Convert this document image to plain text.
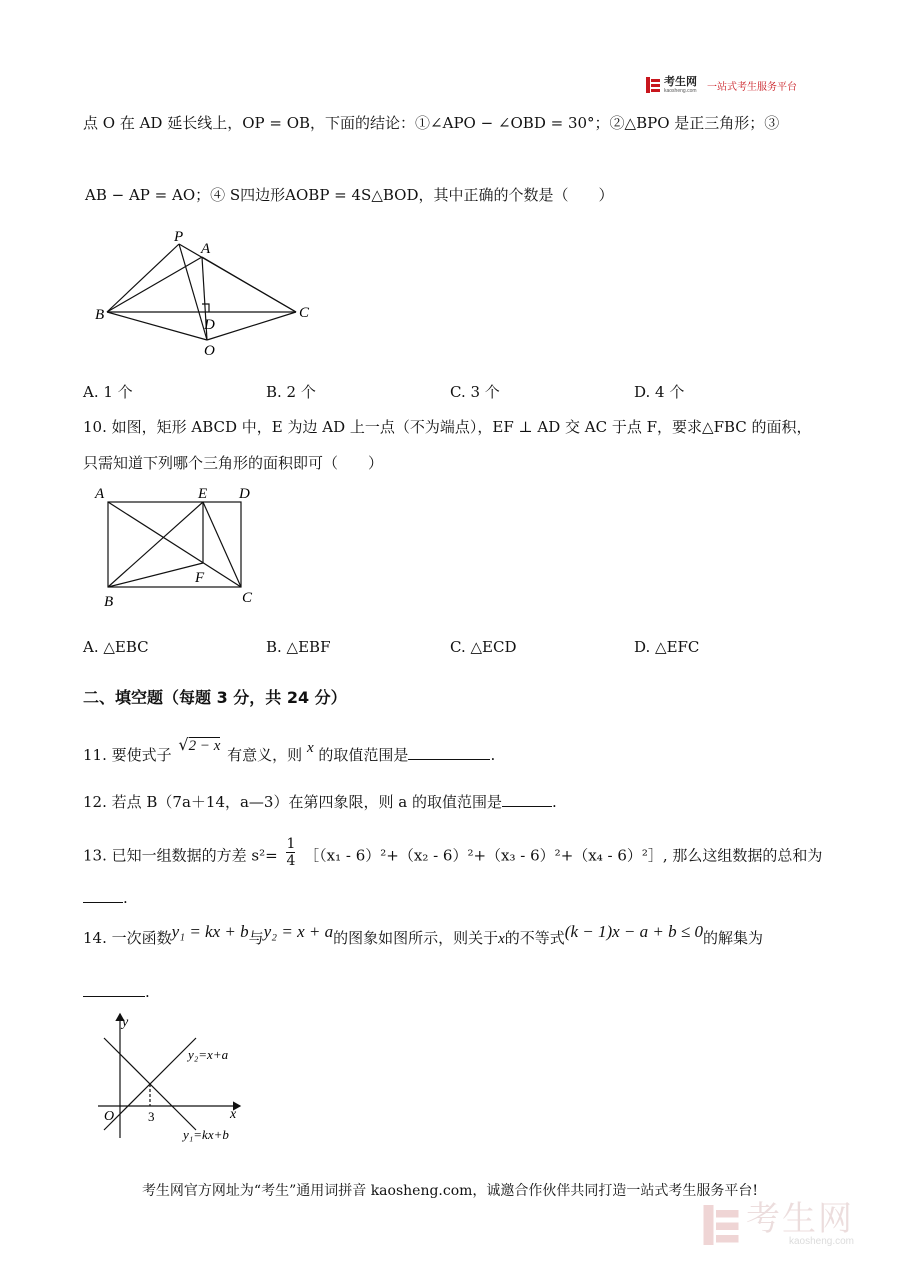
考生网
kaosheng.com 一站式考生服务平台
点 O 在 AD 延长线上，OP = OB，下面的结论：①∠APO − ∠OBD = 30°；②△BPO 是正三角形；③
AB − AP = AO；④ S四边形AOBP = 4S△BOD，其中正确的个数是（　　）
P
A
B	C
D
O
A. 1 个	B. 2 个	C. 3 个	D. 4 个
10. 如图，矩形 ABCD 中，E 为边 AD 上一点（不为端点），EF ⊥ AD 交 AC 于点 F，要求△FBC 的面积，
只需知道下列哪个三角形的面积即可（　　）
A	E D
F
B	C
A. △EBC	B. △EBF	C. △ECD	D. △EFC
二、填空题（每题 3 分，共 24 分）
11. 要使式子 √2 − x 有意义，则 x 的取值范围是	.
12. 若点 B（7a＋14，a—3）在第四象限，则 a 的取值范围是	.
13. 已知一组数据的方差 $s^2= \frac{1}{4}$ ［（x₁ - 6）²+（x₂ - 6）²+（x₃ - 6）²+（x₄ - 6）²］, 那么这组数据的总和为
.
14. 一次函数y₁ = kx + b与y₂ = x + a的图象如图所示，则关于x的不等式(k − 1)x − a + b ≤ 0的解集为
.
y
x
O	3
y₂=x+a
y₁=kx+b
考生网官方网址为“考生”通用词拼音 kaosheng.com，诚邀合作伙伴共同打造一站式考生服务平台!
考生网
kaosheng.com
